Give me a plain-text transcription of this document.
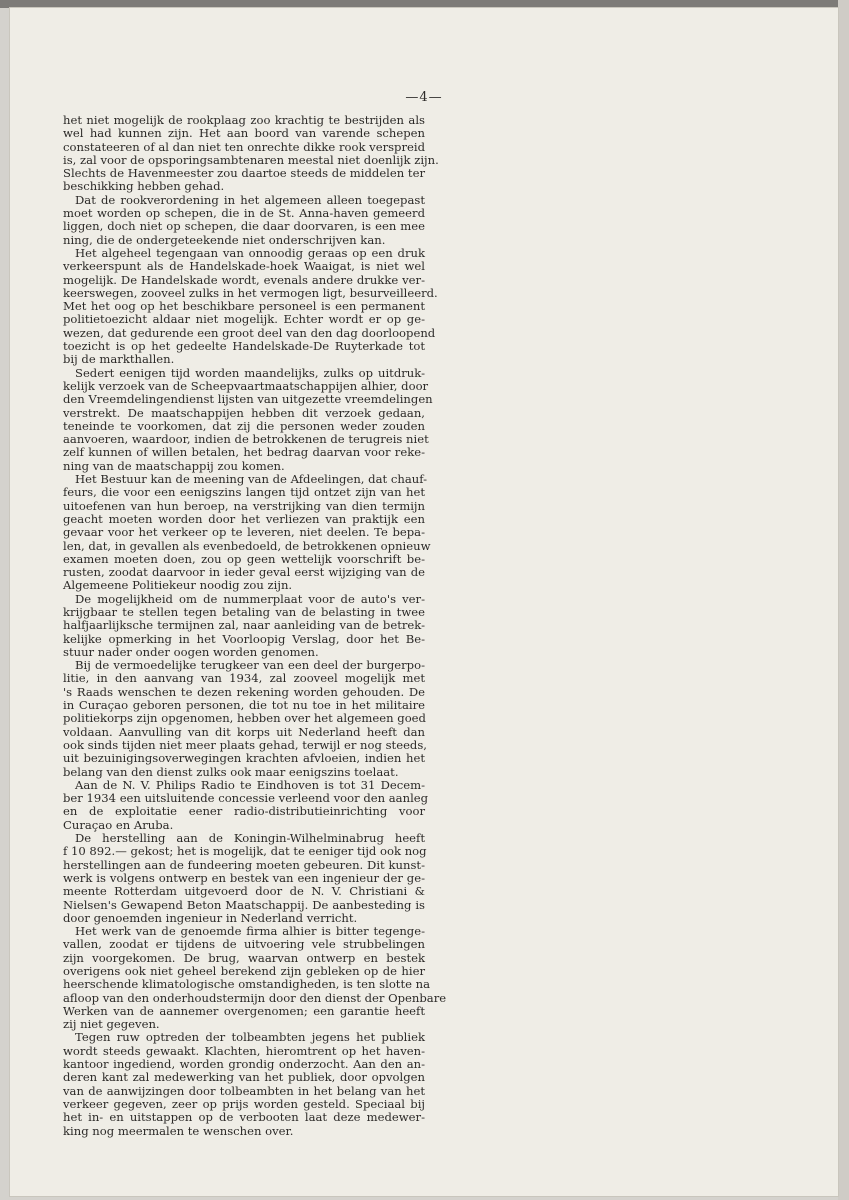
—4—
het niet mogelijk de rookplaag zoo krachtig te bestrijden als
wel had kunnen zijn. Het aan boord van varende schepen
constateeren of al dan niet ten onrechte dikke rook verspreid
is, zal voor de opsporingsambtenaren meestal niet doenlijk zijn.
Slechts de Havenmeester zou daartoe steeds de middelen ter
beschikking hebben gehad.
Dat de rookverordening in het algemeen alleen toegepast
moet worden op schepen, die in de St. Anna-haven gemeerd
liggen, doch niet op schepen, die daar doorvaren, is een mee
ning, die de ondergeteekende niet onderschrijven kan.
Het algeheel tegengaan van onnoodig geraas op een druk
verkeerspunt als de Handelskade-hoek Waaigat, is niet wel
mogelijk. De Handelskade wordt, evenals andere drukke ver-
keerswegen, zooveel zulks in het vermogen ligt, besurveilleerd.
Met het oog op het beschikbare personeel is een permanent
politietoezicht aldaar niet mogelijk. Echter wordt er op ge-
wezen, dat gedurende een groot deel van den dag doorloopend
toezicht is op het gedeelte Handelskade-De Ruyterkade tot
bij de markthallen.
Sedert eenigen tijd worden maandelijks, zulks op uitdruk-
kelijk verzoek van de Scheepvaartmaatschappijen alhier, door
den Vreemdelingendienst lijsten van uitgezette vreemdelingen
verstrekt. De maatschappijen hebben dit verzoek gedaan,
teneinde te voorkomen, dat zij die personen weder zouden
aanvoeren, waardoor, indien de betrokkenen de terugreis niet
zelf kunnen of willen betalen, het bedrag daarvan voor reke-
ning van de maatschappij zou komen.
Het Bestuur kan de meening van de Afdeelingen, dat chauf-
feurs, die voor een eenigszins langen tijd ontzet zijn van het
uitoefenen van hun beroep, na verstrijking van dien termijn
geacht moeten worden door het verliezen van praktijk een
gevaar voor het verkeer op te leveren, niet deelen. Te bepa-
len, dat, in gevallen als evenbedoeld, de betrokkenen opnieuw
examen moeten doen, zou op geen wettelijk voorschrift be-
rusten, zoodat daarvoor in ieder geval eerst wijziging van de
Algemeene Politiekeur noodig zou zijn.
De mogelijkheid om de nummerplaat voor de auto's ver-
krijgbaar te stellen tegen betaling van de belasting in twee
halfjaarlijksche termijnen zal, naar aanleiding van de betrek-
kelijke opmerking in het Voorloopig Verslag, door het Be-
stuur nader onder oogen worden genomen.
Bij de vermoedelijke terugkeer van een deel der burgerpo-
litie, in den aanvang van 1934, zal zooveel mogelijk met
's Raads wenschen te dezen rekening worden gehouden. De
in Curaçao geboren personen, die tot nu toe in het militaire
politiekorps zijn opgenomen, hebben over het algemeen goed
voldaan. Aanvulling van dit korps uit Nederland heeft dan
ook sinds tijden niet meer plaats gehad, terwijl er nog steeds,
uit bezuinigingsoverwegingen krachten afvloeien, indien het
belang van den dienst zulks ook maar eenigszins toelaat.
Aan de N. V. Philips Radio te Eindhoven is tot 31 Decem-
ber 1934 een uitsluitende concessie verleend voor den aanleg
en de exploitatie eener radio-distributieinrichting voor
Curaçao en Aruba.
De herstelling aan de Koningin-Wilhelminabrug heeft
f 10 892.— gekost; het is mogelijk, dat te eeniger tijd ook nog
herstellingen aan de fundeering moeten gebeuren. Dit kunst-
werk is volgens ontwerp en bestek van een ingenieur der ge-
meente Rotterdam uitgevoerd door de N. V. Christiani &
Nielsen's Gewapend Beton Maatschappij. De aanbesteding is
door genoemden ingenieur in Nederland verricht.
Het werk van de genoemde firma alhier is bitter tegenge-
vallen, zoodat er tijdens de uitvoering vele strubbelingen
zijn voorgekomen. De brug, waarvan ontwerp en bestek
overigens ook niet geheel berekend zijn gebleken op de hier
heerschende klimatologische omstandigheden, is ten slotte na
afloop van den onderhoudstermijn door den dienst der Openbare
Werken van de aannemer overgenomen; een garantie heeft
zij niet gegeven.
Tegen ruw optreden der tolbeambten jegens het publiek
wordt steeds gewaakt. Klachten, hieromtrent op het haven-
kantoor ingediend, worden grondig onderzocht. Aan den an-
deren kant zal medewerking van het publiek, door opvolgen
van de aanwijzingen door tolbeambten in het belang van het
verkeer gegeven, zeer op prijs worden gesteld. Speciaal bij
het in- en uitstappen op de verbooten laat deze medewer-
king nog meermalen te wenschen over.
